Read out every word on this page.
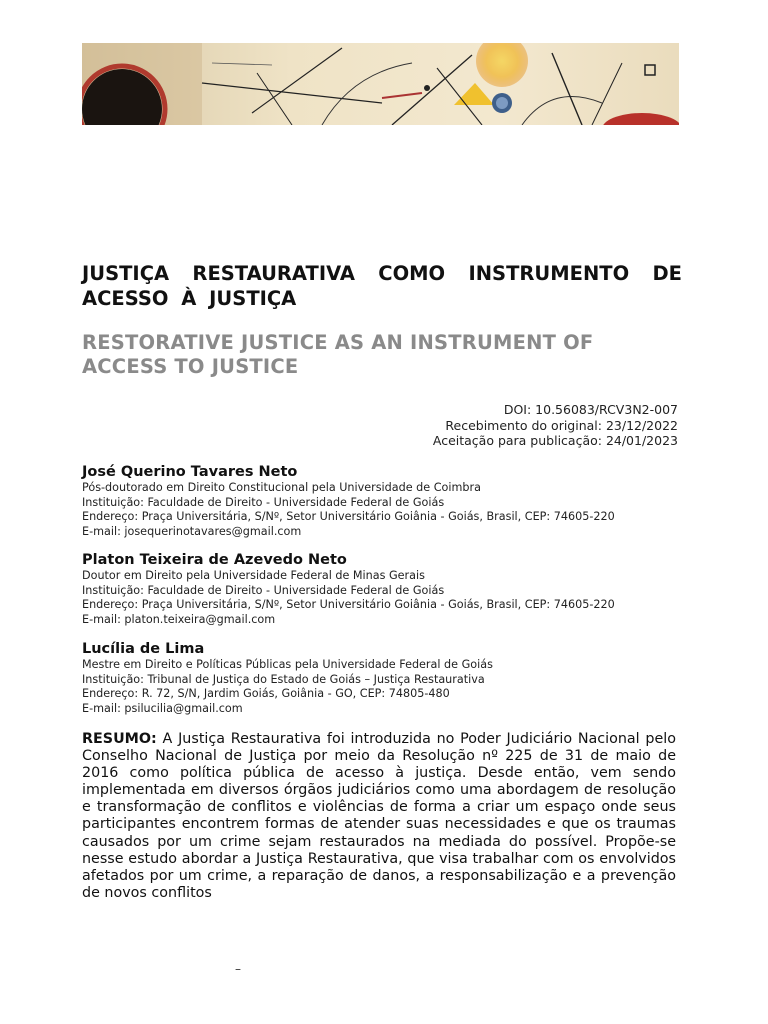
JUSTIÇA RESTAURATIVA COMO INSTRUMENTO DE ACESSO À JUSTIÇA
RESTORATIVE JUSTICE AS AN INSTRUMENT OF ACCESS TO JUSTICE
DOI: 10.56083/RCV3N2-007
Recebimento do original: 23/12/2022
Aceitação para publicação: 24/01/2023
José Querino Tavares Neto
Pós-doutorado em Direito Constitucional pela Universidade de Coimbra
Instituição: Faculdade de Direito - Universidade Federal de Goiás
Endereço: Praça Universitária, S/Nº, Setor Universitário Goiânia - Goiás, Brasil, CEP: 74605-220
E-mail: josequerinotavares@gmail.com
Platon Teixeira de Azevedo Neto
Doutor em Direito pela Universidade Federal de Minas Gerais
Instituição: Faculdade de Direito - Universidade Federal de Goiás
Endereço: Praça Universitária, S/Nº, Setor Universitário Goiânia - Goiás, Brasil, CEP: 74605-220
E-mail: platon.teixeira@gmail.com
Lucília de Lima
Mestre em Direito e Políticas Públicas pela Universidade Federal de Goiás
Instituição: Tribunal de Justiça do Estado de Goiás – Justiça Restaurativa
Endereço: R. 72, S/N, Jardim Goiás, Goiânia - GO, CEP: 74805-480
E-mail: psilucilia@gmail.com

RESUMO: A Justiça Restaurativa foi introduzida no Poder Judiciário Nacional pelo Conselho Nacional de Justiça por meio da Resolução nº 225 de 31 de maio de 2016 como política pública de acesso à justiça. Desde então, vem sendo implementada em diversos órgãos judiciários como uma abordagem de resolução e transformação de conflitos e violências de forma a criar um espaço onde seus participantes encontrem formas de atender suas necessidades e que os traumas causados por um crime sejam restaurados na mediada do possível. Propõe-se nesse estudo abordar a Justiça Restaurativa, que visa trabalhar com os envolvidos afetados por um crime, a reparação de danos, a responsabilização e a prevenção de novos conflitos

–
